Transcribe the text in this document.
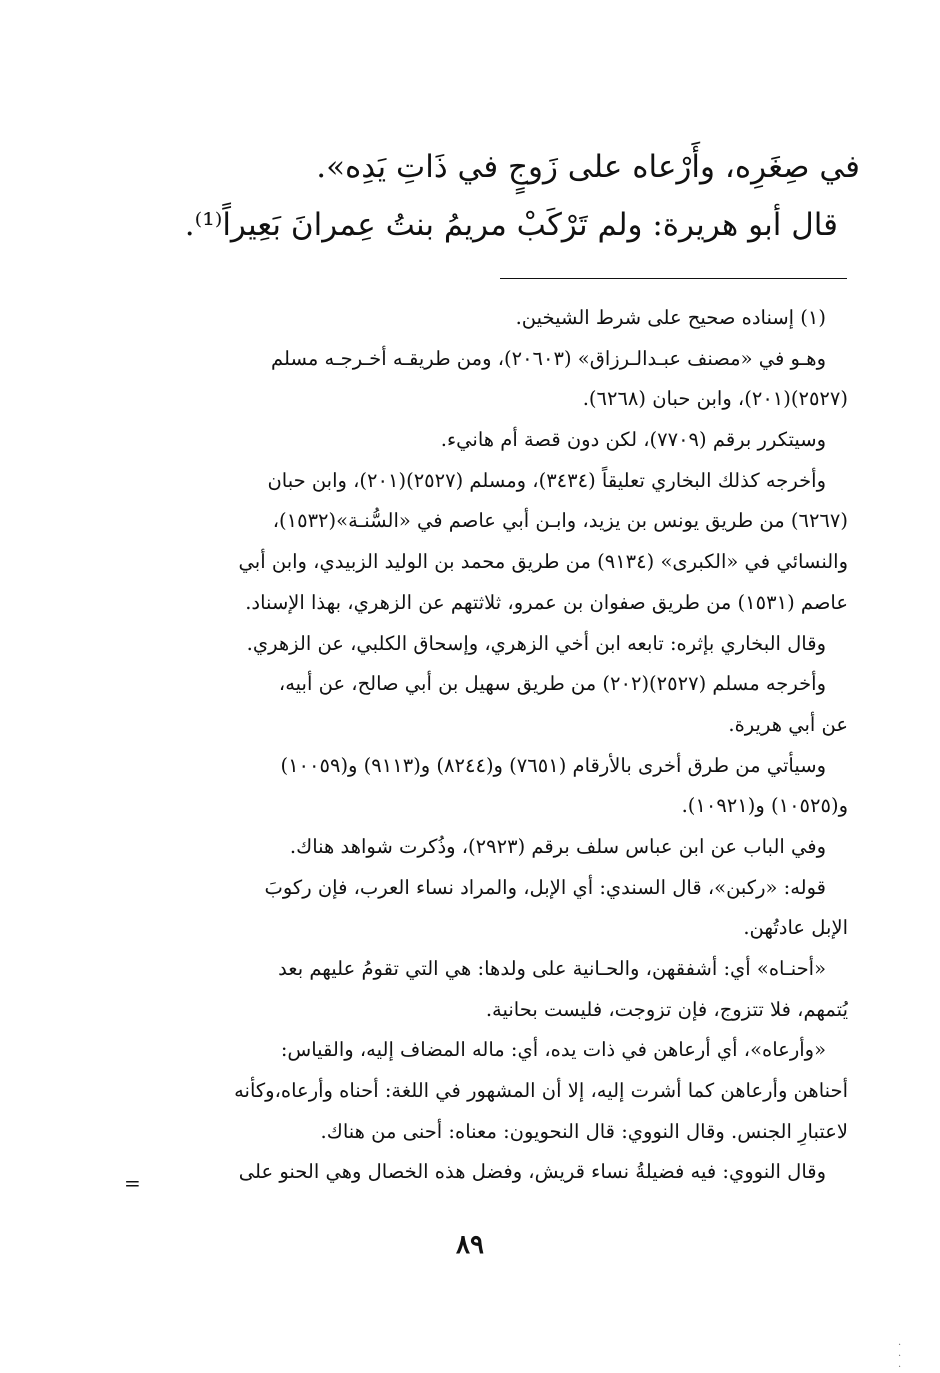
في صِغَرِه، وأَرْعاه على زَوجٍ في ذَاتِ يَدِه».
قال أبو هريرة: ولم تَرْكَبْ مريمُ بنتُ عِمرانَ بَعِيراً⁽¹⁾.
(١) إسناده صحيح على شرط الشيخين.
وهـو في «مصنف عبـدالـرزاق» (٢٠٦٠٣)، ومن طريقـه أخـرجـه مسلم
(٢٥٢٧)(٢٠١)، وابن حبان (٦٢٦٨).
وسيتكرر برقم (٧٧٠٩)، لكن دون قصة أم هانيء.
وأخرجه كذلك البخاري تعليقاً (٣٤٣٤)، ومسلم (٢٥٢٧)(٢٠١)، وابن حبان
(٦٢٦٧) من طريق يونس بن يزيد، وابـن أبي عاصم في «السُّنـة»(١٥٣٢)،
والنسائي في «الكبرى» (٩١٣٤) من طريق محمد بن الوليد الزبيدي، وابن أبي
عاصم (١٥٣١) من طريق صفوان بن عمرو، ثلاثتهم عن الزهري، بهذا الإسناد.
وقال البخاري بإثره: تابعه ابن أخي الزهري، وإسحاق الكلبي، عن الزهري.
وأخرجه مسلم (٢٥٢٧)(٢٠٢) من طريق سهيل بن أبي صالح، عن أبيه،
عن أبي هريرة.
وسيأتي من طرق أخرى بالأرقام (٧٦٥١) و(٨٢٤٤) و(٩١١٣) و(١٠٠٥٩)
و(١٠٥٢٥) و(١٠٩٢١).
وفي الباب عن ابن عباس سلف برقم (٢٩٢٣)، وذُكرت شواهد هناك.
قوله: «ركبن»، قال السندي: أي الإبل، والمراد نساء العرب، فإن ركوبَ
الإبل عادتُهن.
«أحنـاه» أي: أشفقهن، والحـانية على ولدها: هي التي تقومُ عليهم بعد
يُتمهم، فلا تتزوج، فإن تزوجت، فليست بحانية.
«وأرعاه»، أي أرعاهن في ذات يده، أي: ماله المضاف إليه، والقياس:
أحناهن وأرعاهن كما أشرت إليه، إلا أن المشهور في اللغة: أحناه وأرعاه،وكأنه
لاعتبارِ الجنس. وقال النووي: قال النحويون: معناه: أحنى من هناك.
وقال النووي: فيه فضيلةُ نساء قريش، وفضل هذه الخصال وهي الحنو على
=
٨٩
·
·
·
